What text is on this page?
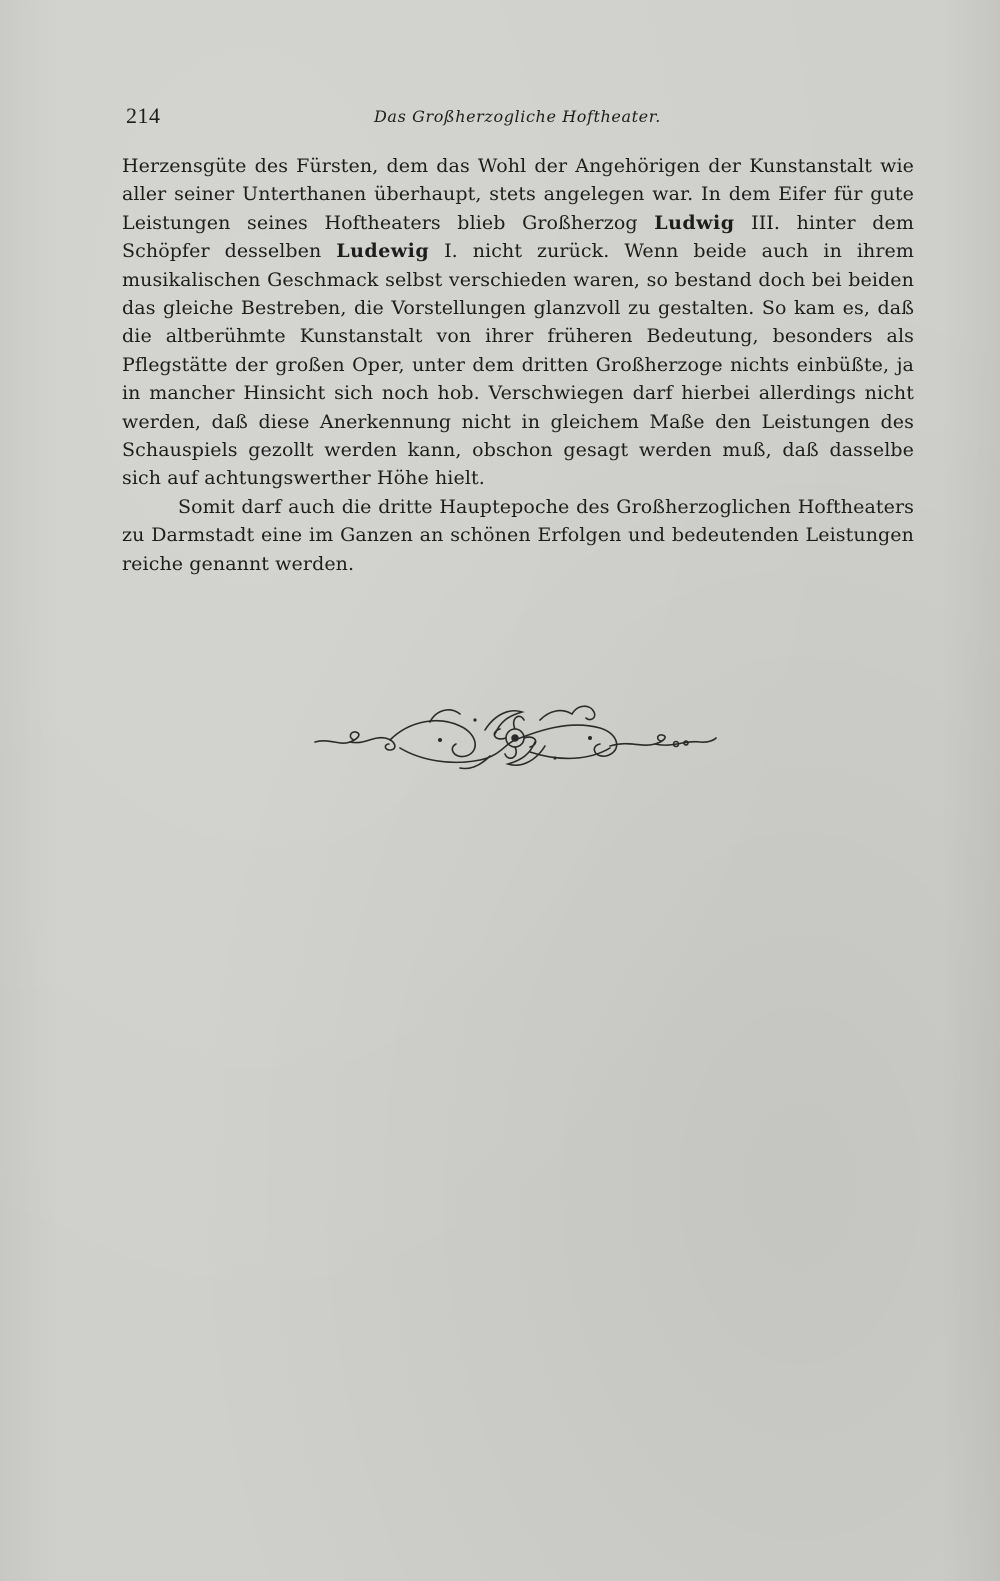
214	Das Großherzogliche Hoftheater.

Herzensgüte des Fürsten, dem das Wohl der Angehörigen der Kunstanstalt wie aller seiner Unterthanen überhaupt, stets angelegen war. In dem Eifer für gute Leistungen seines Hoftheaters blieb Großherzog Ludwig III. hinter dem Schöpfer desselben Ludewig I. nicht zurück. Wenn beide auch in ihrem musikalischen Geschmack selbst verschieden waren, so bestand doch bei beiden das gleiche Bestreben, die Vorstellungen glanzvoll zu gestalten. So kam es, daß die altberühmte Kunstanstalt von ihrer früheren Bedeutung, besonders als Pflegstätte der großen Oper, unter dem dritten Großherzoge nichts einbüßte, ja in mancher Hinsicht sich noch hob. Verschwiegen darf hierbei allerdings nicht werden, daß diese Anerkennung nicht in gleichem Maße den Leistungen des Schauspiels gezollt werden kann, obschon gesagt werden muß, daß dasselbe sich auf achtungswerther Höhe hielt.

Somit darf auch die dritte Hauptepoche des Großherzoglichen Hoftheaters zu Darmstadt eine im Ganzen an schönen Erfolgen und bedeutenden Leistungen reiche genannt werden.
